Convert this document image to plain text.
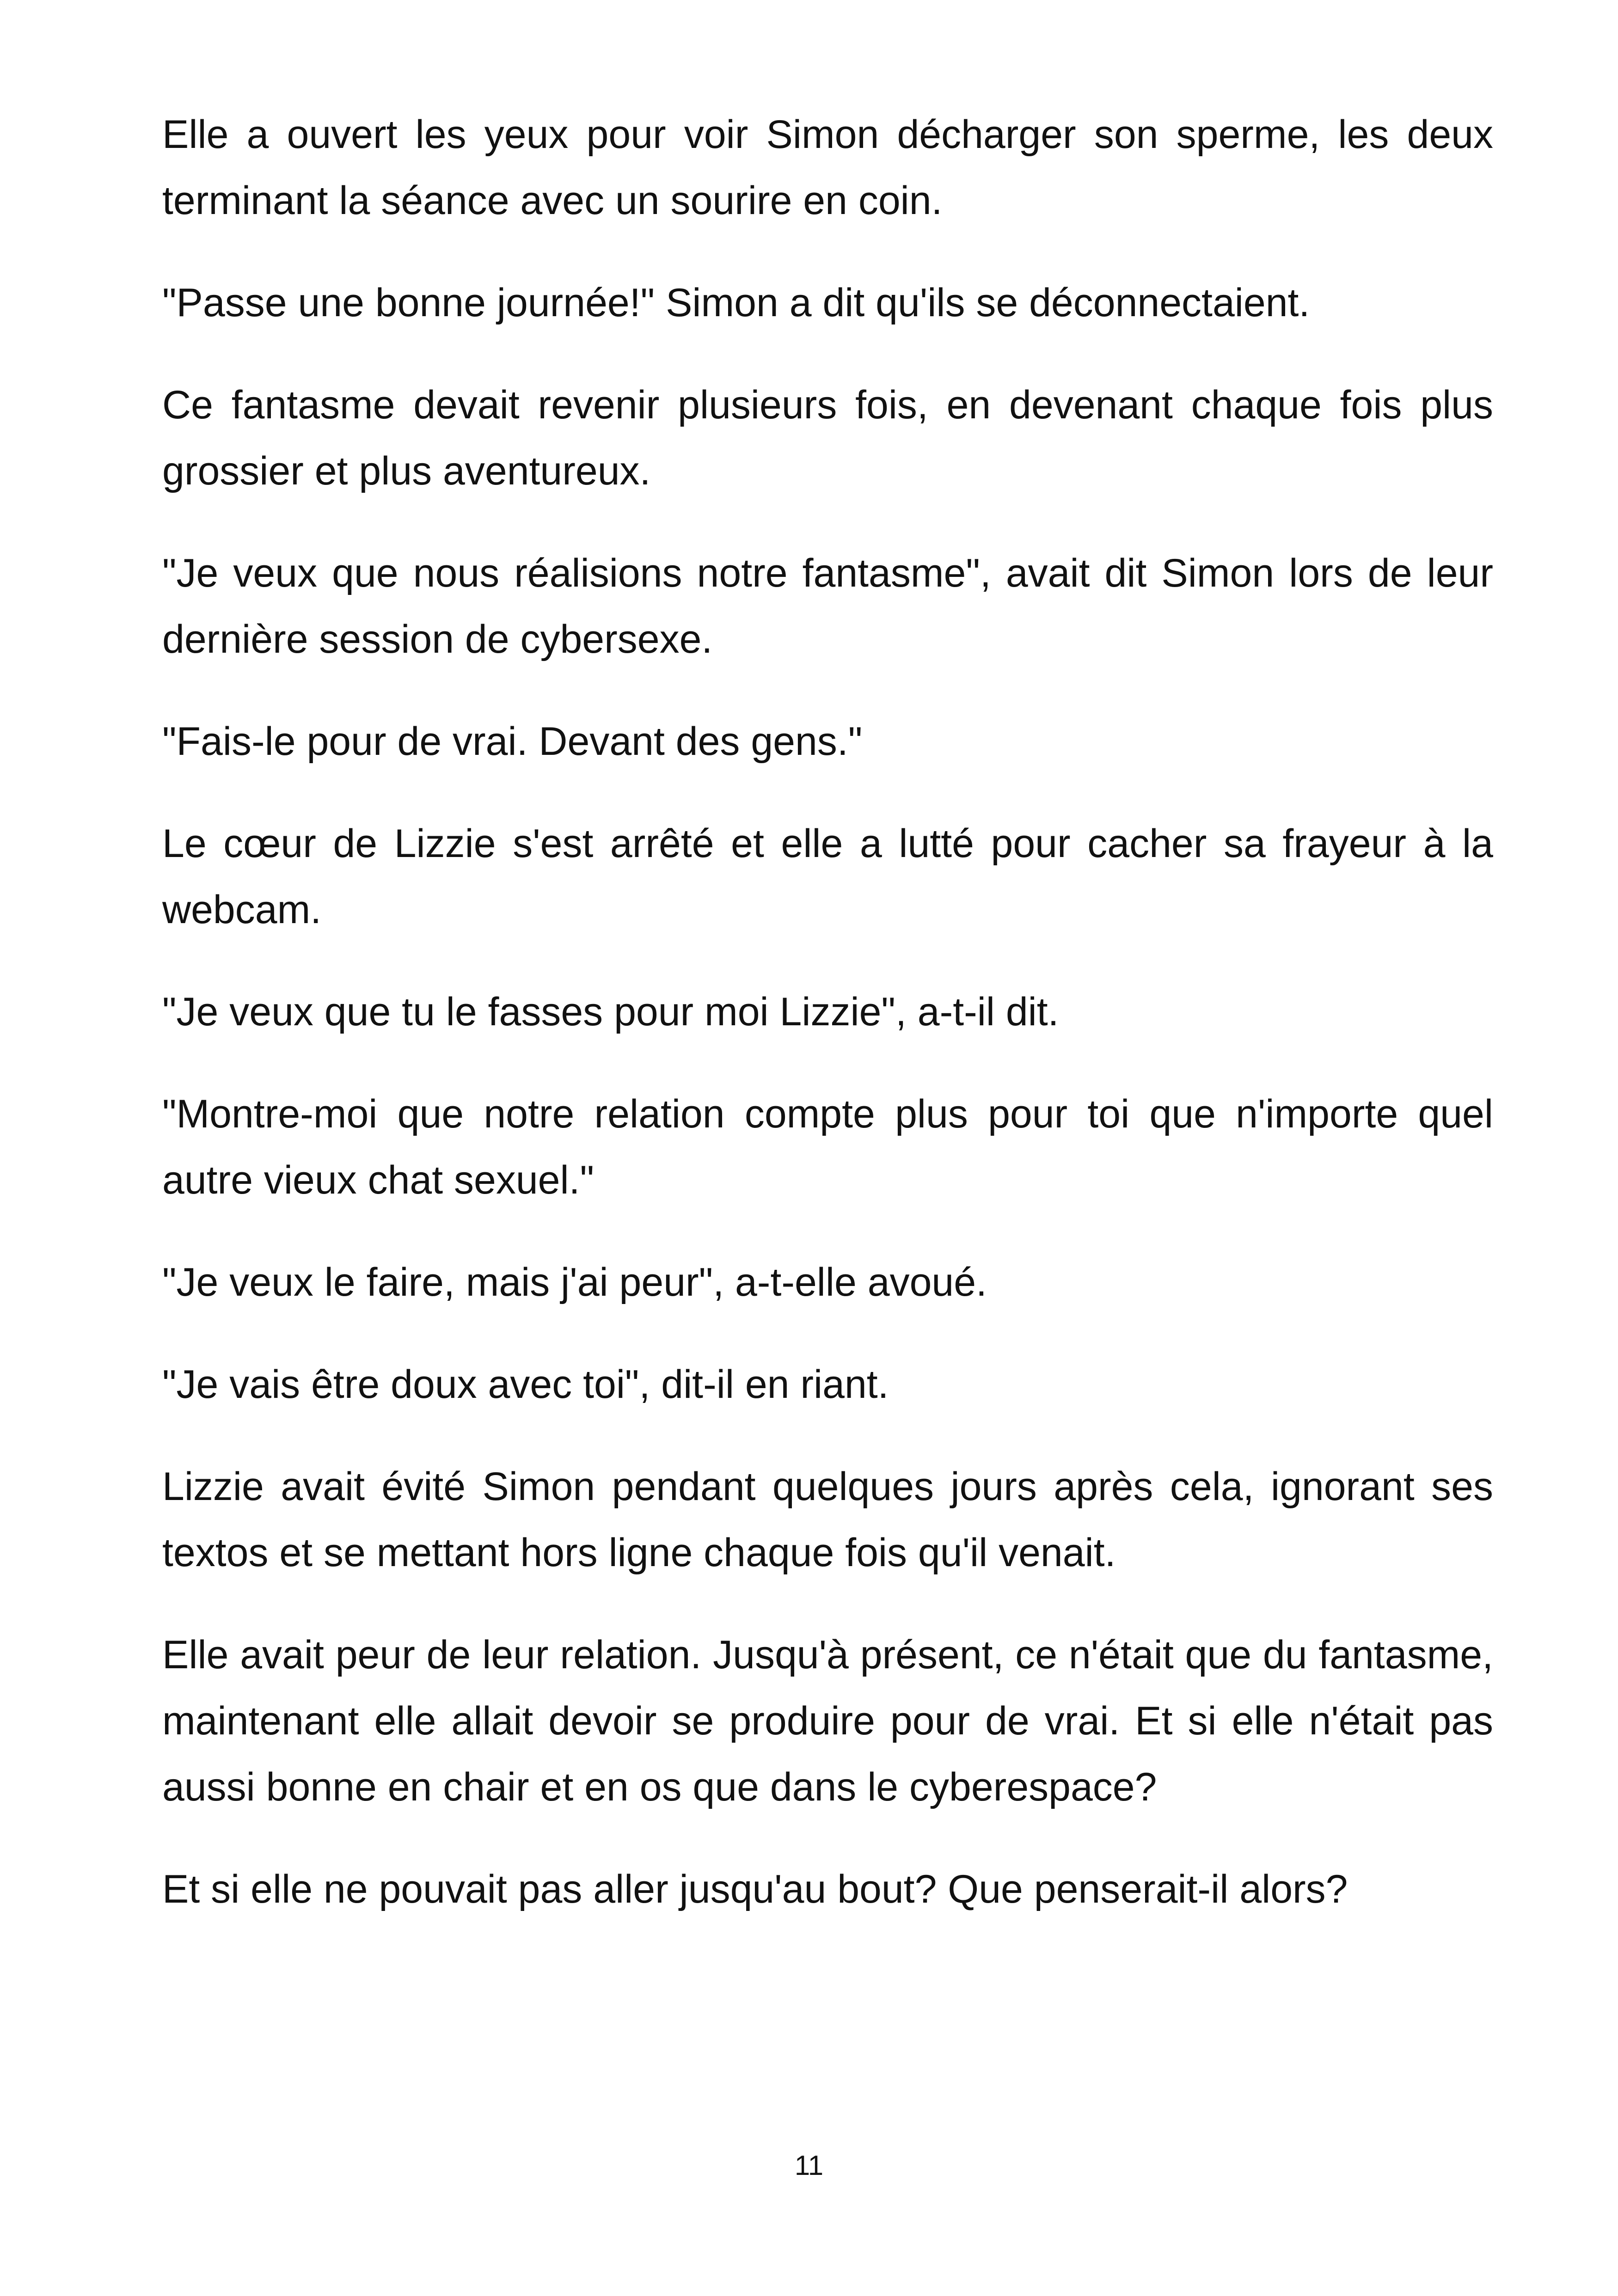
Elle a ouvert les yeux pour voir Simon décharger son sperme, les deux terminant la séance avec un sourire en coin.

"Passe une bonne journée!" Simon a dit qu'ils se déconnectaient.

Ce fantasme devait revenir plusieurs fois, en devenant chaque fois plus grossier et plus aventureux.

"Je veux que nous réalisions notre fantasme", avait dit Simon lors de leur dernière session de cybersexe.

"Fais-le pour de vrai. Devant des gens."

Le cœur de Lizzie s'est arrêté et elle a lutté pour cacher sa frayeur à la webcam.

"Je veux que tu le fasses pour moi Lizzie", a-t-il dit.

"Montre-moi que notre relation compte plus pour toi que n'importe quel autre vieux chat sexuel."

"Je veux le faire, mais j'ai peur", a-t-elle avoué.

"Je vais être doux avec toi", dit-il en riant.

Lizzie avait évité Simon pendant quelques jours après cela, ignorant ses textos et se mettant hors ligne chaque fois qu'il venait.

Elle avait peur de leur relation. Jusqu'à présent, ce n'était que du fantasme, maintenant elle allait devoir se produire pour de vrai. Et si elle n'était pas aussi bonne en chair et en os que dans le cyberespace?

Et si elle ne pouvait pas aller jusqu'au bout? Que penserait-il alors?

11
